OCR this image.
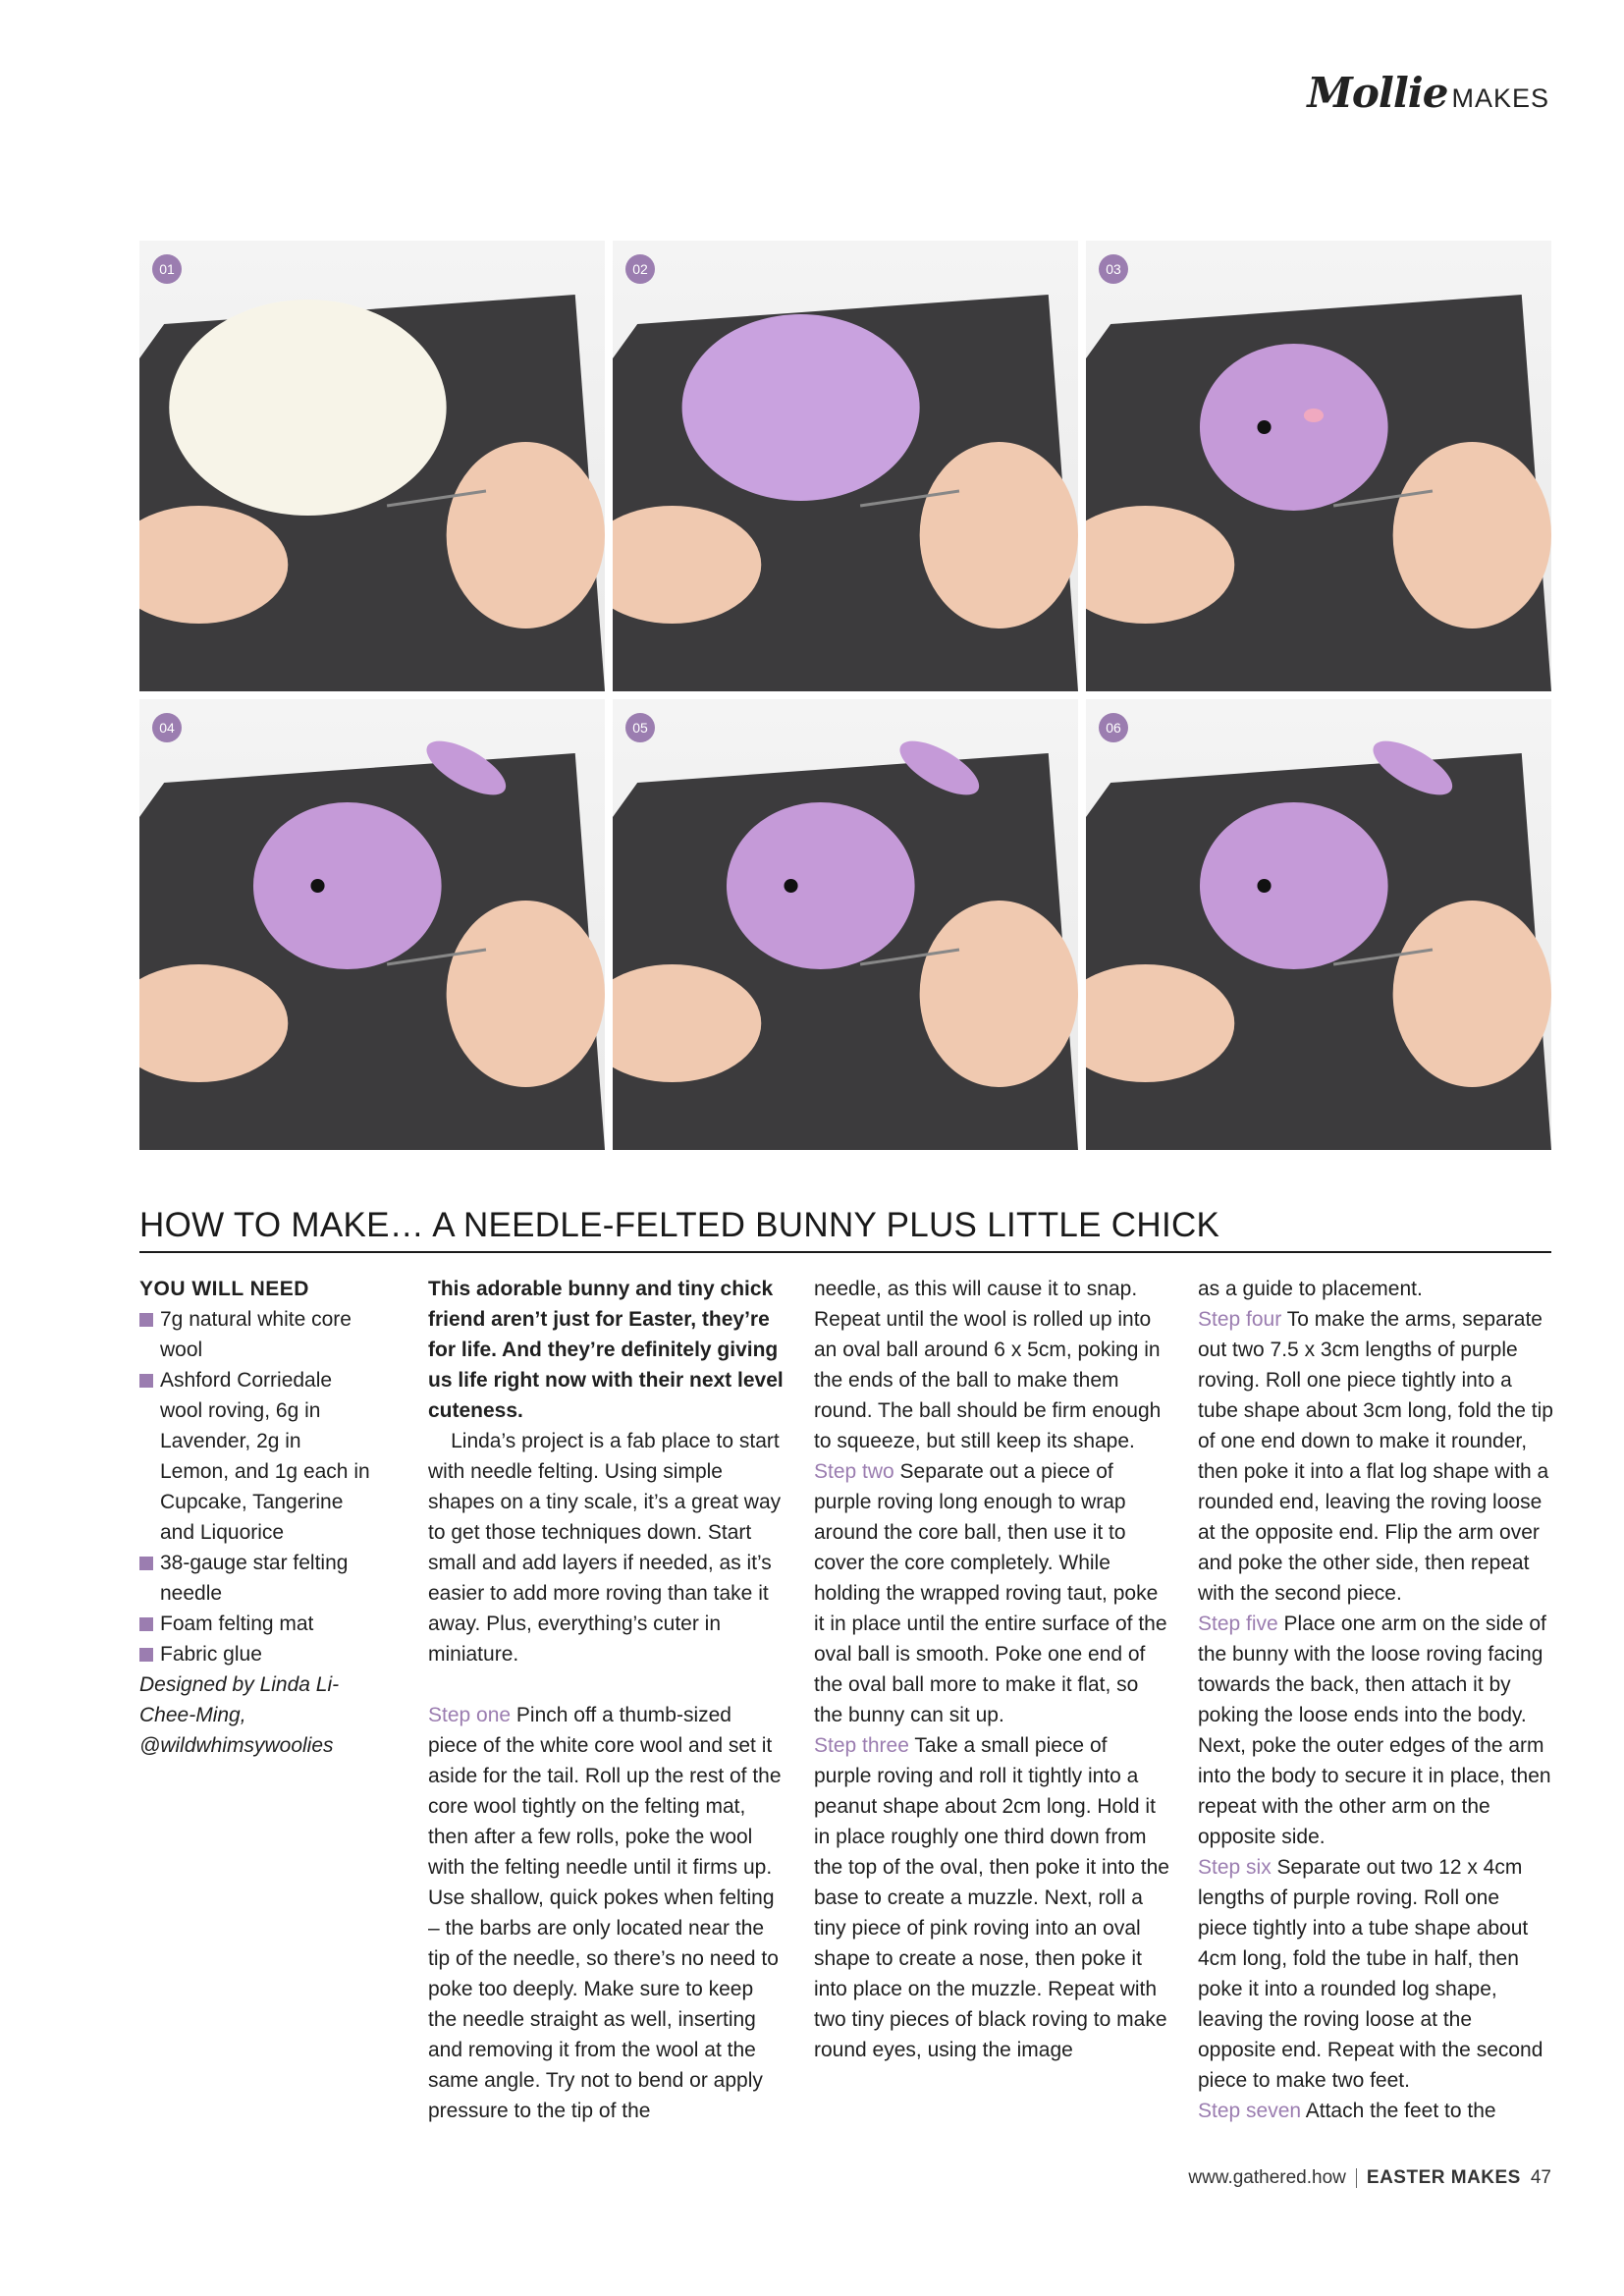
Mollie MAKES
01	02	03
04	05	06
HOW TO MAKE… A NEEDLE-FELTED BUNNY PLUS LITTLE CHICK
YOU WILL NEED
7g natural white core wool
Ashford Corriedale wool roving, 6g in Lavender, 2g in Lemon, and 1g each in Cupcake, Tangerine and Liquorice
38-gauge star felting needle
Foam felting mat
Fabric glue

Designed by Linda Li-Chee-Ming, @wildwhimsywoolies

This adorable bunny and tiny chick friend aren’t just for Easter, they’re for life. And they’re definitely giving us life right now with their next level cuteness.

Linda’s project is a fab place to start with needle felting. Using simple shapes on a tiny scale, it’s a great way to get those techniques down. Start small and add layers if needed, as it’s easier to add more roving than take it away. Plus, everything’s cuter in miniature.

Step one Pinch off a thumb-sized piece of the white core wool and set it aside for the tail. Roll up the rest of the core wool tightly on the felting mat, then after a few rolls, poke the wool with the felting needle until it firms up. Use shallow, quick pokes when felting – the barbs are only located near the tip of the needle, so there’s no need to poke too deeply. Make sure to keep the needle straight as well, inserting and removing it from the wool at the same angle. Try not to bend or apply pressure to the tip of the

needle, as this will cause it to snap. Repeat until the wool is rolled up into an oval ball around 6 x 5cm, poking in the ends of the ball to make them round. The ball should be firm enough to squeeze, but still keep its shape.

Step two Separate out a piece of purple roving long enough to wrap around the core ball, then use it to cover the core completely. While holding the wrapped roving taut, poke it in place until the entire surface of the oval ball is smooth. Poke one end of the oval ball more to make it flat, so the bunny can sit up.

Step three Take a small piece of purple roving and roll it tightly into a peanut shape about 2cm long. Hold it in place roughly one third down from the top of the oval, then poke it into the base to create a muzzle. Next, roll a tiny piece of pink roving into an oval shape to create a nose, then poke it into place on the muzzle. Repeat with two tiny pieces of black roving to make round eyes, using the image

as a guide to placement.

Step four To make the arms, separate out two 7.5 x 3cm lengths of purple roving. Roll one piece tightly into a tube shape about 3cm long, fold the tip of one end down to make it rounder, then poke it into a flat log shape with a rounded end, leaving the roving loose at the opposite end. Flip the arm over and poke the other side, then repeat with the second piece.

Step five Place one arm on the side of the bunny with the loose roving facing towards the back, then attach it by poking the loose ends into the body. Next, poke the outer edges of the arm into the body to secure it in place, then repeat with the other arm on the opposite side.

Step six Separate out two 12 x 4cm lengths of purple roving. Roll one piece tightly into a tube shape about 4cm long, fold the tube in half, then poke it into a rounded log shape, leaving the roving loose at the opposite end. Repeat with the second piece to make two feet.

Step seven Attach the feet to the

www.gathered.how EASTER MAKES 47
